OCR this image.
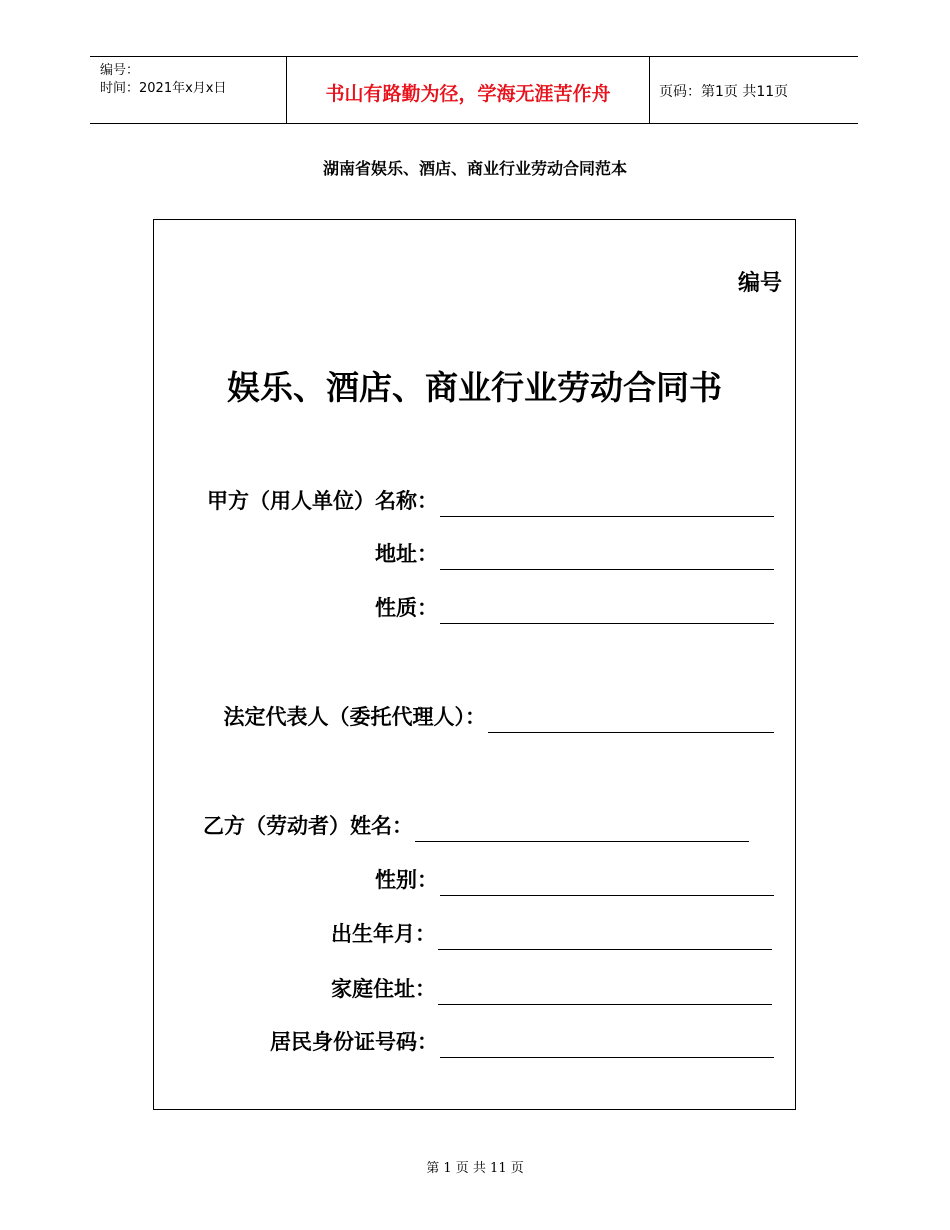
编号：
时间：2021年x月x日	书山有路勤为径，学海无涯苦作舟	页码：第1页 共11页
湖南省娱乐、酒店、商业行业劳动合同范本
编号
娱乐、酒店、商业行业劳动合同书
甲方（用人单位）名称：
地址：
性质：
法定代表人（委托代理人）：
乙方（劳动者）姓名：
性别：
出生年月：
家庭住址：
居民身份证号码：
第 1 页 共 11 页
